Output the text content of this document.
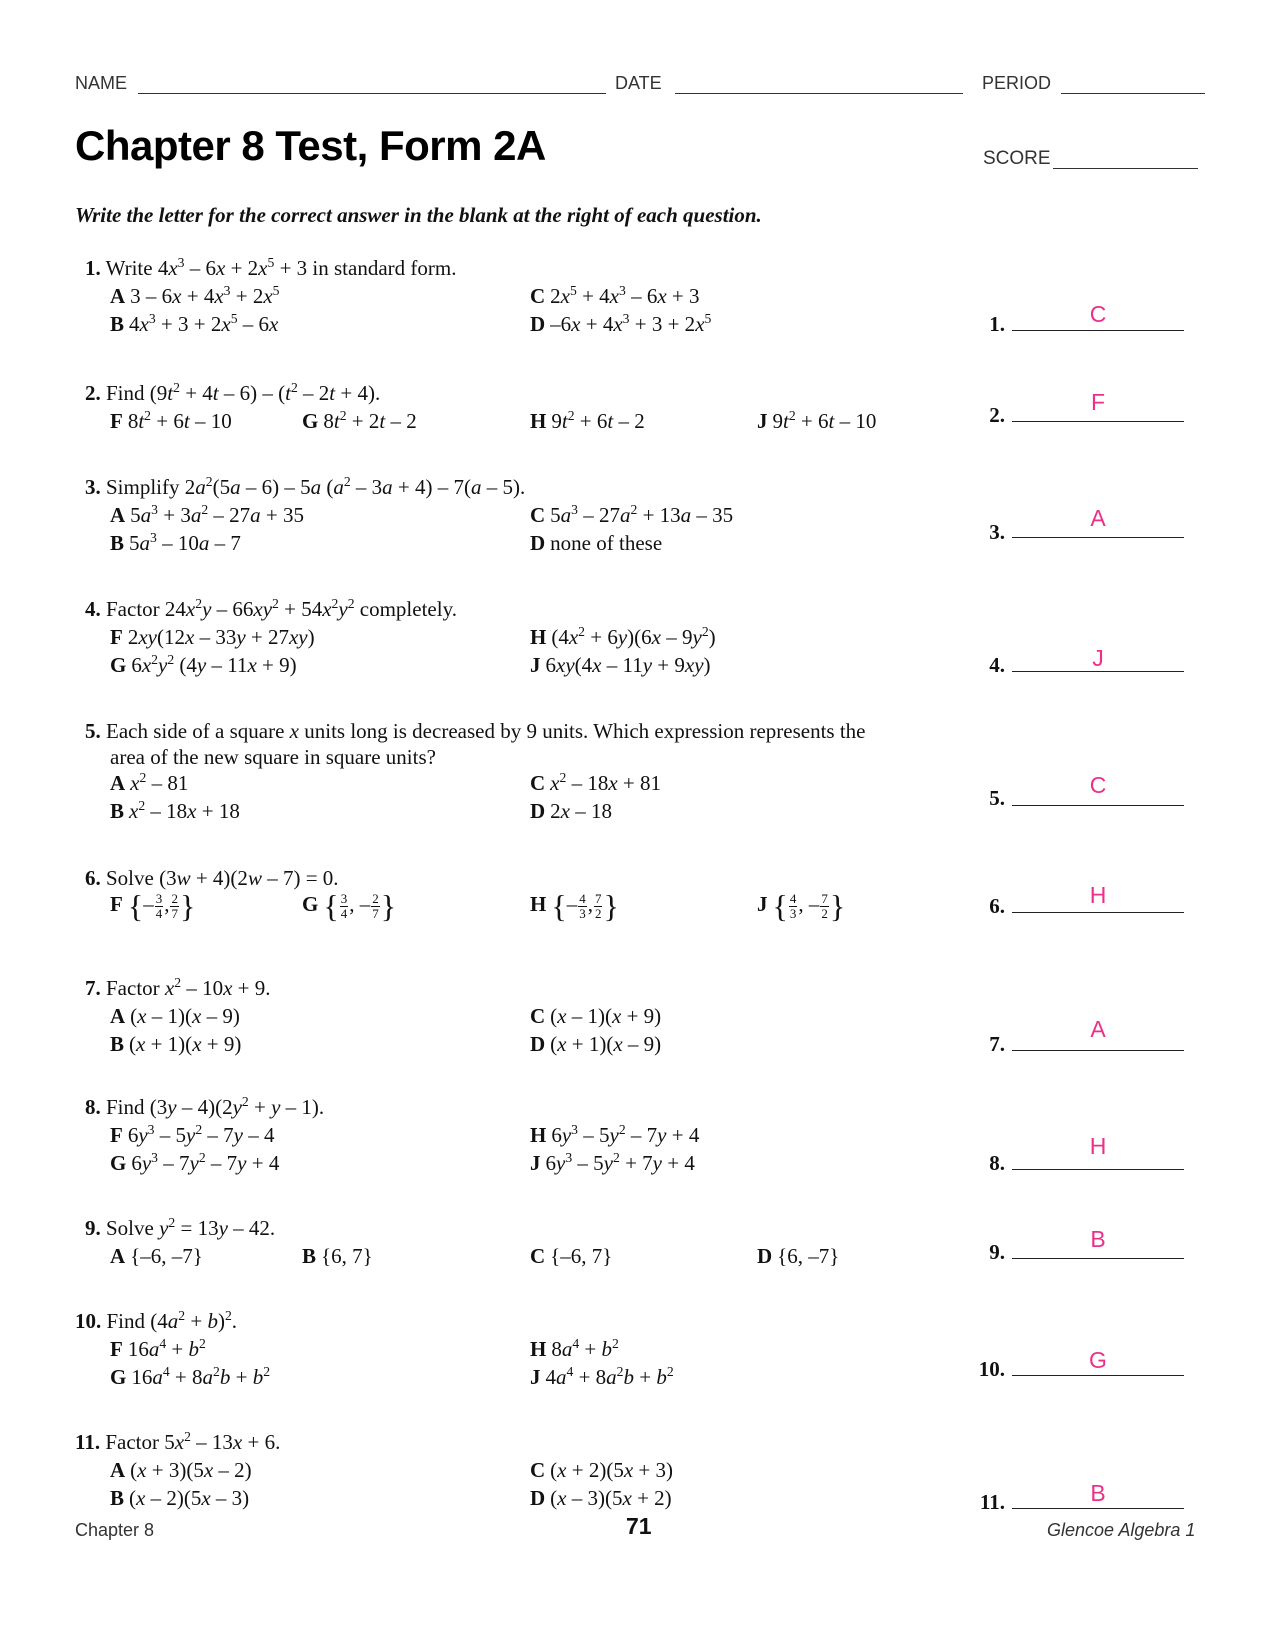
NAME	DATE	PERIOD
Chapter 8 Test, Form 2A	SCORE
Write the letter for the correct answer in the blank at the right of each question.
1. Write $4x^3 - 6x + 2x^5 + 3$ in standard form.
A $3 - 6x + 4x^3 + 2x^5$
B $4x^3 + 3 + 2x^5 - 6x$
C $2x^5 + 4x^3 - 6x + 3$
D $-6x + 4x^3 + 3 + 2x^5$	1.	C
2. Find $(9t^2 + 4t - 6) - (t^2 - 2t + 4)$.
F $8t^2 + 6t - 10$	G $8t^2 + 2t - 2$	H $9t^2 + 6t - 2$	J $9t^2 + 6t - 10$	2.	F
3. Simplify $2a^2(5a - 6) - 5a$ $(a^2 - 3a + 4) - 7(a - 5)$.
A $5a^3 + 3a^2 - 27a + 35$
B $5a^3 - 10a - 7$
C $5a^3 - 27a^2 + 13a - 35$
D none of these	3.
A
4. Factor $24x^2y - 66xy^2 + 54x^2y^2$ completely.
F 2xy(12x – 33y + 27xy)
G $6x^2y^2$ (4y – 11x + 9)
H $(4x^2 + 6y)(6x - 9y^2)$
J 6xy(4x – 11y + 9xy)	4.	J
5. Each side of a square x units long is decreased by 9 units. Which expression represents the
area of the new square in square units?
A $x^2 - 81$
B $x^2 - 18x + 18$
C $x^2 - 18x + 81$
D 2x – 18
5.	C
6. Solve (3w + 4)(2w – 7) = 0.
F {– $\frac{3}{4}$ , $\frac{2}{7}$ }	G { $\frac{3}{4}$ , – $\frac{2}{7}$ }	H {– $\frac{4}{3}$ , $\frac{7}{2}$ }	J { $\frac{4}{3}$ , – $\frac{7}{2}$ }	6.	H
7. Factor $x^2 - 10x + 9$.
A (x – 1)(x – 9)
B (x + 1)(x + 9)
C (x – 1)(x + 9)
D (x + 1)(x – 9)	7.
A
8. Find $(3y - 4)(2y^2 + y - 1)$.
F $6y^3 - 5y^2 - 7y - 4$
G $6y^3 - 7y^2 - 7y + 4$
H $6y^3 - 5y^2 - 7y + 4$
J $6y^3 - 5y^2 + 7y + 4$	8.
H
9. Solve $y^2 = 13y - 42$.
A {–6, –7}	B {6, 7}	C {–6, 7}	D {6, –7}	9.	B
10. Find $(4a^2 + b)^2$.
F $16a^4 + b^2$
G $16a^4 + 8a^2b + b^2$
H $8a^4 + b^2$
J $4a^4 + 8a^2b + b^2$	10.	G
11. Factor $5x^2 - 13x + 6$.
A (x + 3)(5x – 2)
B (x – 2)(5x – 3)
C (x + 2)(5x + 3)
D (x – 3)(5x + 2)	11.	B
Chapter 8	71	Glencoe Algebra 1
